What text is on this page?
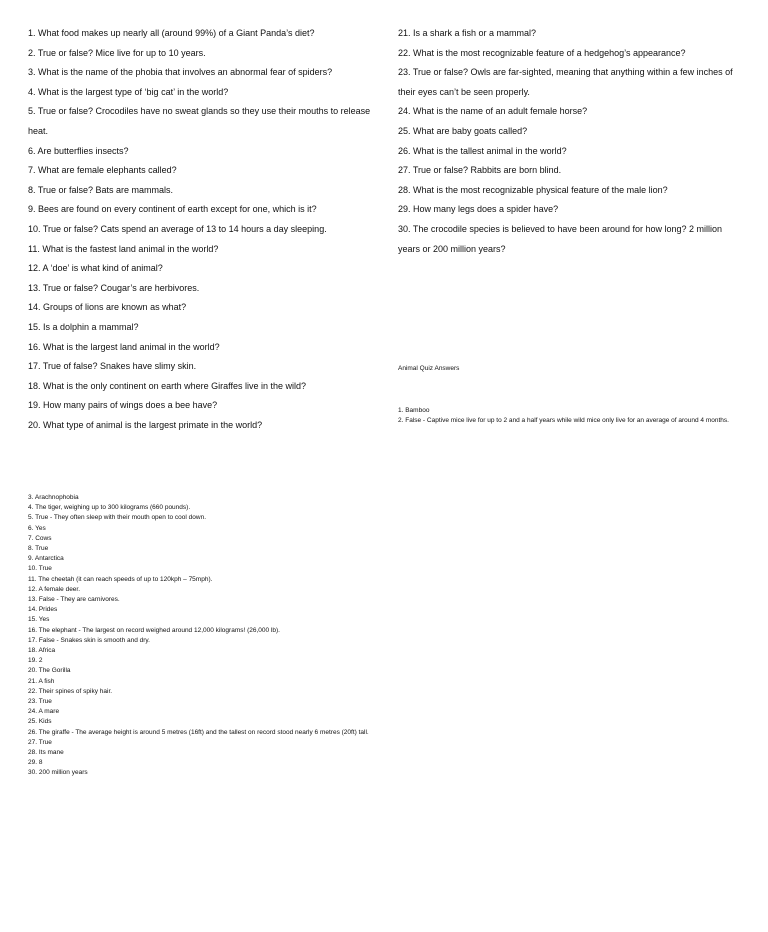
1. What food makes up nearly all (around 99%) of a Giant Panda’s diet?
2. True or false? Mice live for up to 10 years.
3. What is the name of the phobia that involves an abnormal fear of spiders?
4. What is the largest type of ‘big cat’ in the world?
5. True or false? Crocodiles have no sweat glands so they use their mouths to release heat.
6. Are butterflies insects?
7. What are female elephants called?
8. True or false? Bats are mammals.
9. Bees are found on every continent of earth except for one, which is it?
10. True or false? Cats spend an average of 13 to 14 hours a day sleeping.
11. What is the fastest land animal in the world?
12. A ‘doe’ is what kind of animal?
13. True or false? Cougar’s are herbivores.
14. Groups of lions are known as what?
15. Is a dolphin a mammal?
16. What is the largest land animal in the world?
17. True of false? Snakes have slimy skin.
18. What is the only continent on earth where Giraffes live in the wild?
19. How many pairs of wings does a bee have?
20. What type of animal is the largest primate in the world?
21. Is a shark a fish or a mammal?
22. What is the most recognizable feature of a hedgehog’s appearance?
23. True or false? Owls are far-sighted, meaning that anything within a few inches of their eyes can’t be seen properly.
24. What is the name of an adult female horse?
25. What are baby goats called?
26. What is the tallest animal in the world?
27. True or false? Rabbits are born blind.
28. What is the most recognizable physical feature of the male lion?
29. How many legs does a spider have?
30. The crocodile species is believed to have been around for how long? 2 million years or 200 million years?
Animal Quiz Answers
1. Bamboo
2. False - Captive mice live for up to 2 and a half years while wild mice only live for an average of around 4 months.
3. Arachnophobia
4. The tiger, weighing up to 300 kilograms (660 pounds).
5. True - They often sleep with their mouth open to cool down.
6. Yes
7. Cows
8. True
9. Antarctica
10. True
11. The cheetah (it can reach speeds of up to 120kph – 75mph).
12. A female deer.
13. False - They are carnivores.
14. Prides
15. Yes
16. The elephant - The largest on record weighed around 12,000 kilograms! (26,000 lb).
17. False - Snakes skin is smooth and dry.
18. Africa
19. 2
20. The Gorilla
21. A fish
22. Their spines of spiky hair.
23. True
24. A mare
25. Kids
26. The giraffe - The average height is around 5 metres (16ft) and the tallest on record stood nearly 6 metres (20ft) tall.
27. True
28. Its mane
29. 8
30. 200 million years
